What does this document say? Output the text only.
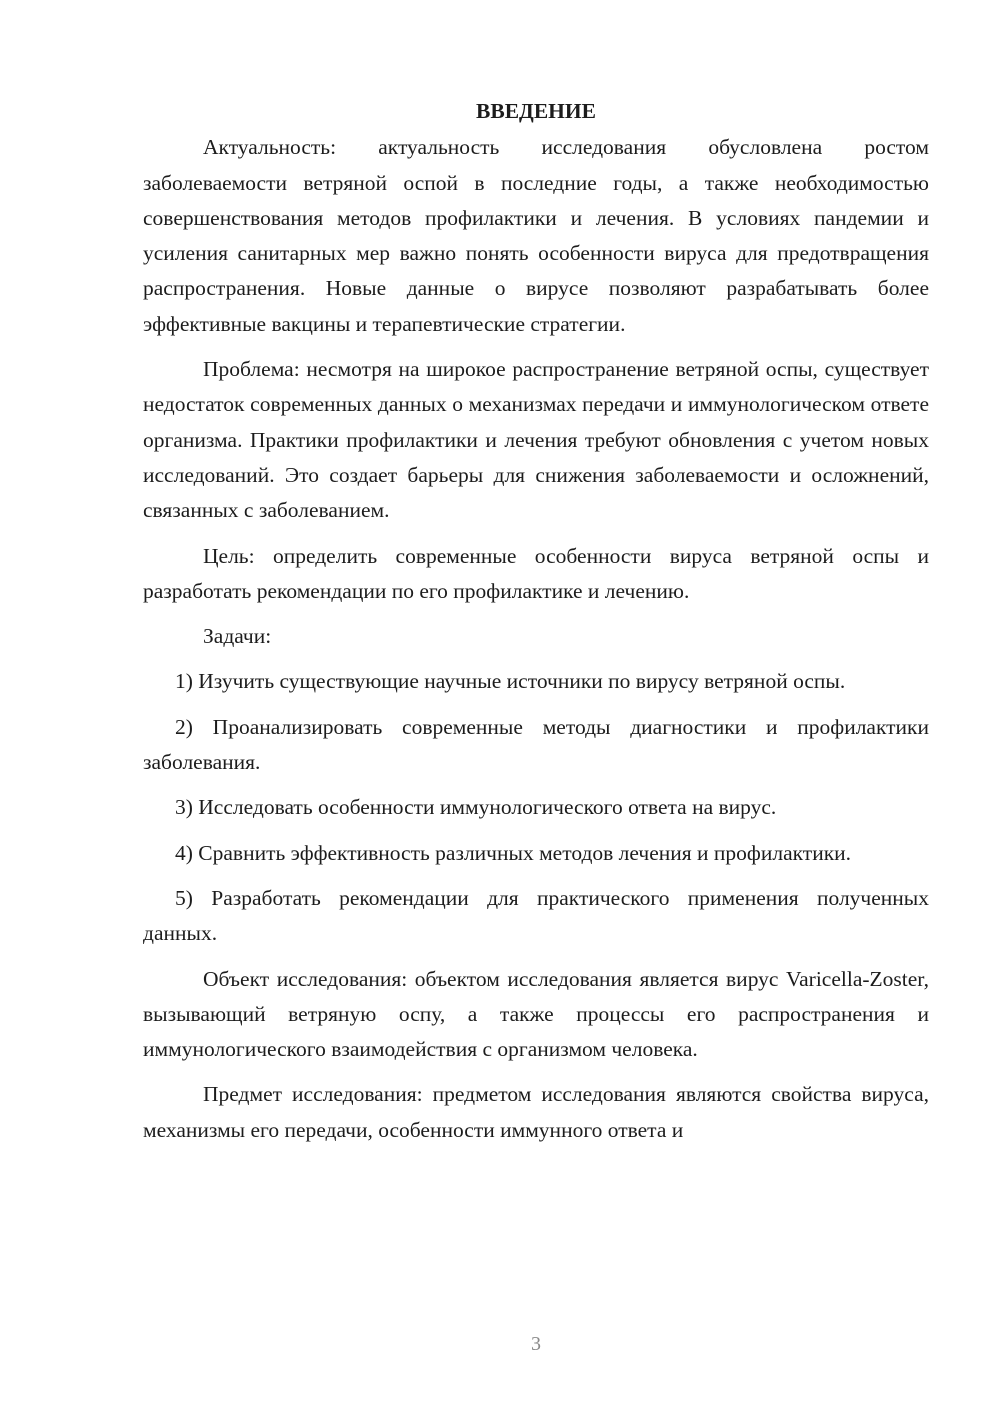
ВВЕДЕНИЕ

Актуальность: актуальность исследования обусловлена ростом заболеваемости ветряной оспой в последние годы, а также необходимостью совершенствования методов профилактики и лечения. В условиях пандемии и усиления санитарных мер важно понять особенности вируса для предотвращения распространения. Новые данные о вирусе позволяют разрабатывать более эффективные вакцины и терапевтические стратегии.

Проблема: несмотря на широкое распространение ветряной оспы, существует недостаток современных данных о механизмах передачи и иммунологическом ответе организма. Практики профилактики и лечения требуют обновления с учетом новых исследований. Это создает барьеры для снижения заболеваемости и осложнений, связанных с заболеванием.

Цель: определить современные особенности вируса ветряной оспы и разработать рекомендации по его профилактике и лечению.

Задачи:

1) Изучить существующие научные источники по вирусу ветряной оспы.

2) Проанализировать современные методы диагностики и профилактики заболевания.

3) Исследовать особенности иммунологического ответа на вирус.

4) Сравнить эффективность различных методов лечения и профилактики.

5) Разработать рекомендации для практического применения полученных данных.

Объект исследования: объектом исследования является вирус Varicella-Zoster, вызывающий ветряную оспу, а также процессы его распространения и иммунологического взаимодействия с организмом человека.

Предмет исследования: предметом исследования являются свойства вируса, механизмы его передачи, особенности иммунного ответа и

3
